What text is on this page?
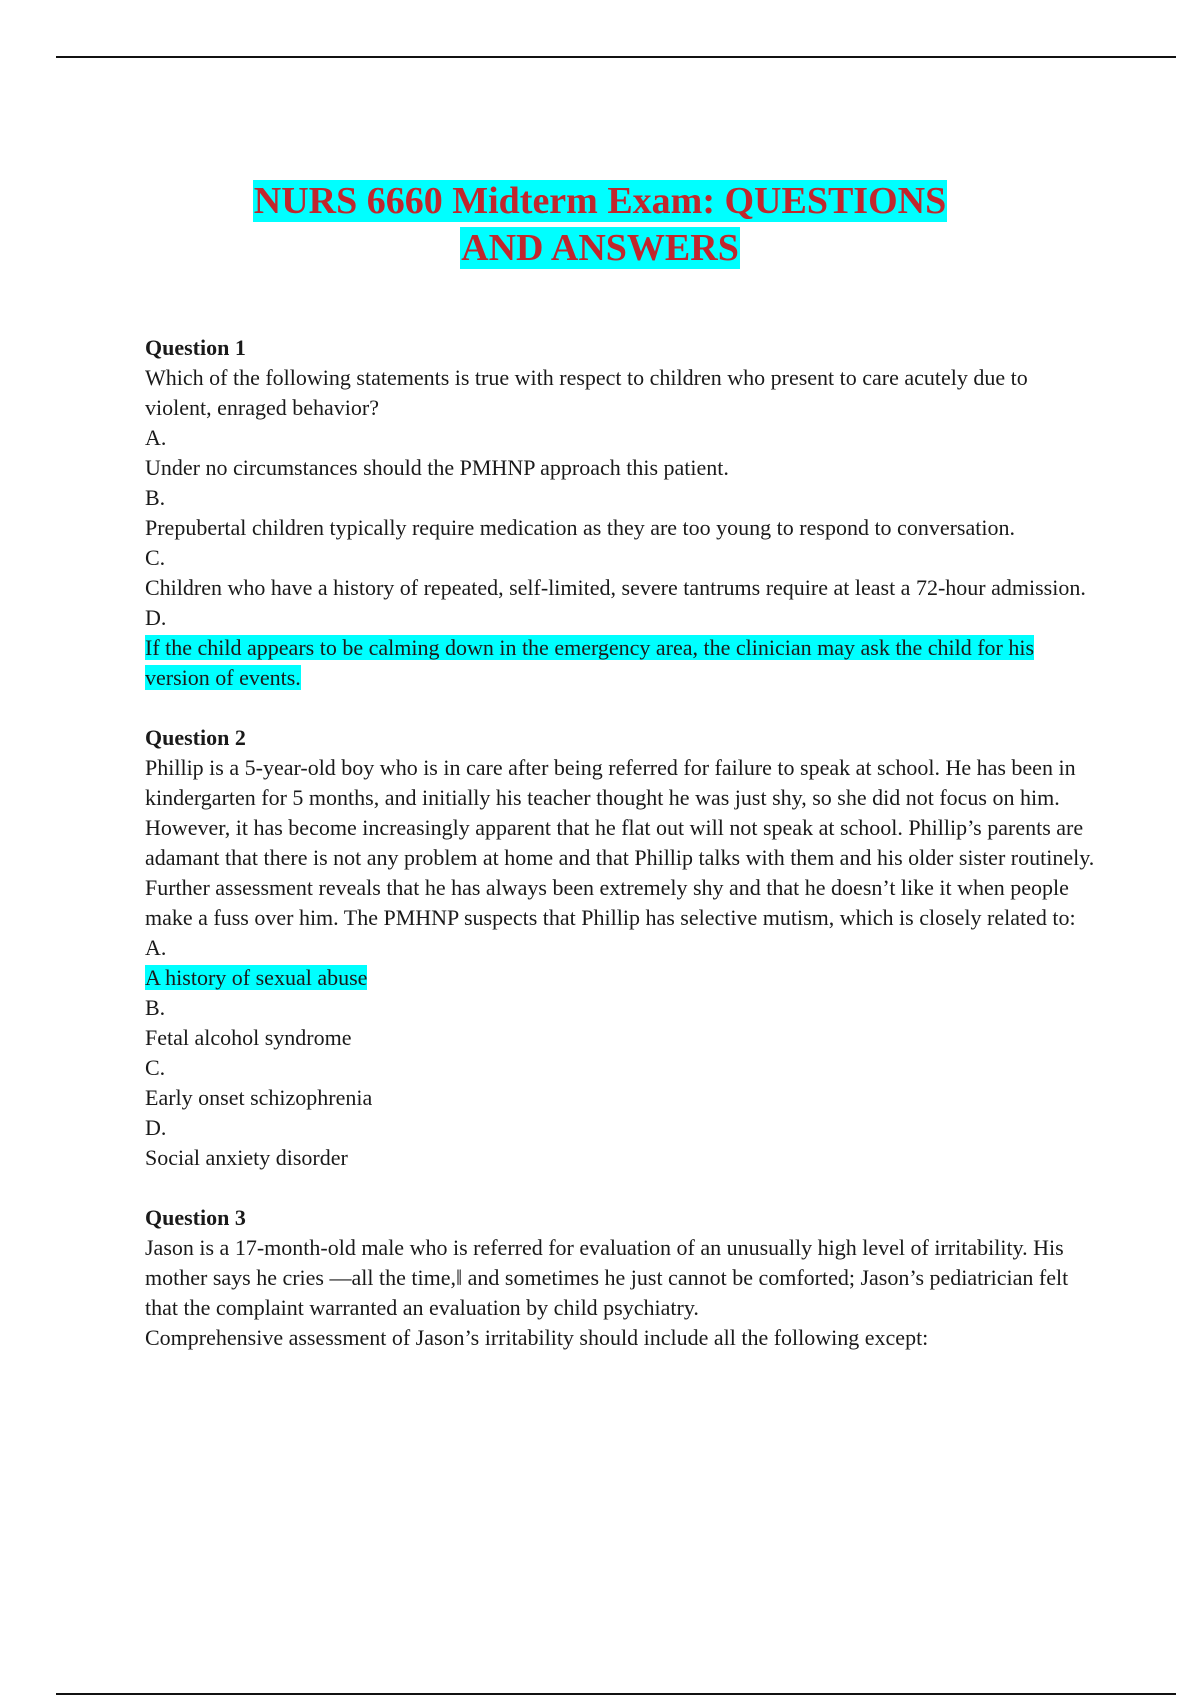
NURS 6660 Midterm Exam: QUESTIONS
AND ANSWERS

Question 1

Which of the following statements is true with respect to children who present to care acutely due to violent, enraged behavior?

A.

Under no circumstances should the PMHNP approach this patient.

B.

Prepubertal children typically require medication as they are too young to respond to conversation.

C.

Children who have a history of repeated, self-limited, severe tantrums require at least a 72-hour admission.

D.

If the child appears to be calming down in the emergency area, the clinician may ask the child for his version of events.

Question 2

Phillip is a 5-year-old boy who is in care after being referred for failure to speak at school. He has been in kindergarten for 5 months, and initially his teacher thought he was just shy, so she did not focus on him. However, it has become increasingly apparent that he flat out will not speak at school. Phillip’s parents are adamant that there is not any problem at home and that Phillip talks with them and his older sister routinely. Further assessment reveals that he has always been extremely shy and that he doesn’t like it when people make a fuss over him. The PMHNP suspects that Phillip has selective mutism, which is closely related to:

A.

A history of sexual abuse

B.

Fetal alcohol syndrome

C.

Early onset schizophrenia

D.

Social anxiety disorder

Question 3

Jason is a 17-month-old male who is referred for evaluation of an unusually high level of irritability. His mother says he cries ―all the time,‖ and sometimes he just cannot be comforted; Jason’s pediatrician felt that the complaint warranted an evaluation by child psychiatry.

Comprehensive assessment of Jason’s irritability should include all the following except:
